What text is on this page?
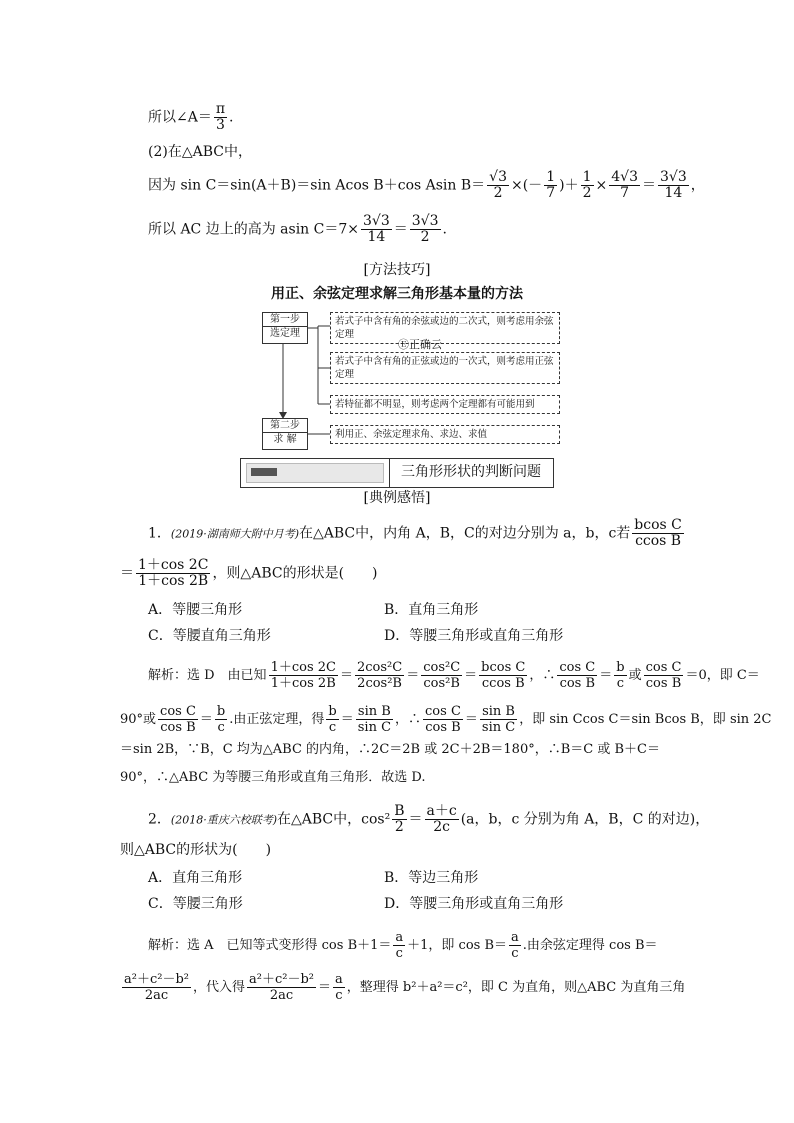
所以∠A＝ $\frac{\pi}{3}$ .
(2)在△ABC中，
因为 sin C＝sin(A＋B)＝sin Acos B＋cos Asin $B= \frac{√3}{2}$ ×(－ $\frac{1}{7}$ )＋ $\frac{1}{2} \times \frac{4√3}{7} = \frac{3√3}{14}$ ，
所以 AC 边上的高为 asin $C=7\times \frac{3√3}{14} = \frac{3√3}{2}$ .
[方法技巧]
用正、余弦定理求解三角形基本量的方法
第一步
选定理
第二步
求 解
若式子中含有角的余弦或边的二次式，则考虑用余弦定理
Ⓔ正确云
若式子中含有角的正弦或边的一次式，则考虑用正弦定理
若特征都不明显，则考虑两个定理都有可能用到
利用正、余弦定理求角、求边、求值
三角形形状的判断问题
[典例感悟]
1．(2019·湖南师大附中月考)在△ABC中，内角 A，B，C的对边分别为 a，b，c若 $\frac{\text{bcos C}}{\text{ccos B}}$
＝ $\frac{1+\cos 2C}{1+\cos 2B}$ ，则△ABC的形状是(　　)
A．等腰三角形	B．直角三角形
C．等腰直角三角形	D．等腰三角形或直角三角形
解析：选 D　由已知 $\frac{1+\cos 2C}{1+\cos 2B} = \frac{\text{2cos²C}}{\text{2cos²B}} = \frac{\text{cos²C}}{\text{cos²B}} = \frac{\text{bcos C}}{\text{ccos B}}$ ，∴ $\frac{\text{cos C}}{\text{cos B}} = \frac{b}{c}$ 或 $\frac{\text{cos C}}{\text{cos B}} =0$，即 C＝
90°或 $\frac{\text{cos C}}{\text{cos B}} = \frac{b}{c}$ .由正弦定理，得 $\frac{b}{c} = \frac{\text{sin B}}{\text{sin C}}$ ，∴ $\frac{\text{cos C}}{\text{cos B}} = \frac{\text{sin B}}{\text{sin C}}$ ，即 sin Ccos C＝sin Bcos B，即 sin 2C
＝sin 2B，∵B，C 均为△ABC 的内角，∴2C＝2B 或 2C＋2B＝180°，∴B＝C 或 B＋C＝
90°，∴△ABC 为等腰三角形或直角三角形．故选 D.
2．(2018·重庆六校联考)在△ABC中，$\cos^2 \frac{B}{2} = \frac{a+c}{2c} (a$，b，c 分别为角 A，B，C 的对边)，
则△ABC的形状为(　　)
A．直角三角形	B．等边三角形
C．等腰三角形	D．等腰三角形或直角三角形
解析：选 A　已知等式变形得 $\cos B+1= \frac{a}{c} +1$，即 $\cos B= \frac{a}{c}$ .由余弦定理得 cos B＝
$\frac{\text{a²＋c²－b²}}{2ac}$ ，代入得 $\frac{\text{a²＋c²－b²}}{2ac} = \frac{a}{c}$ ，整理得 b²＋a²＝c²，即 C 为直角，则△ABC 为直角三角
